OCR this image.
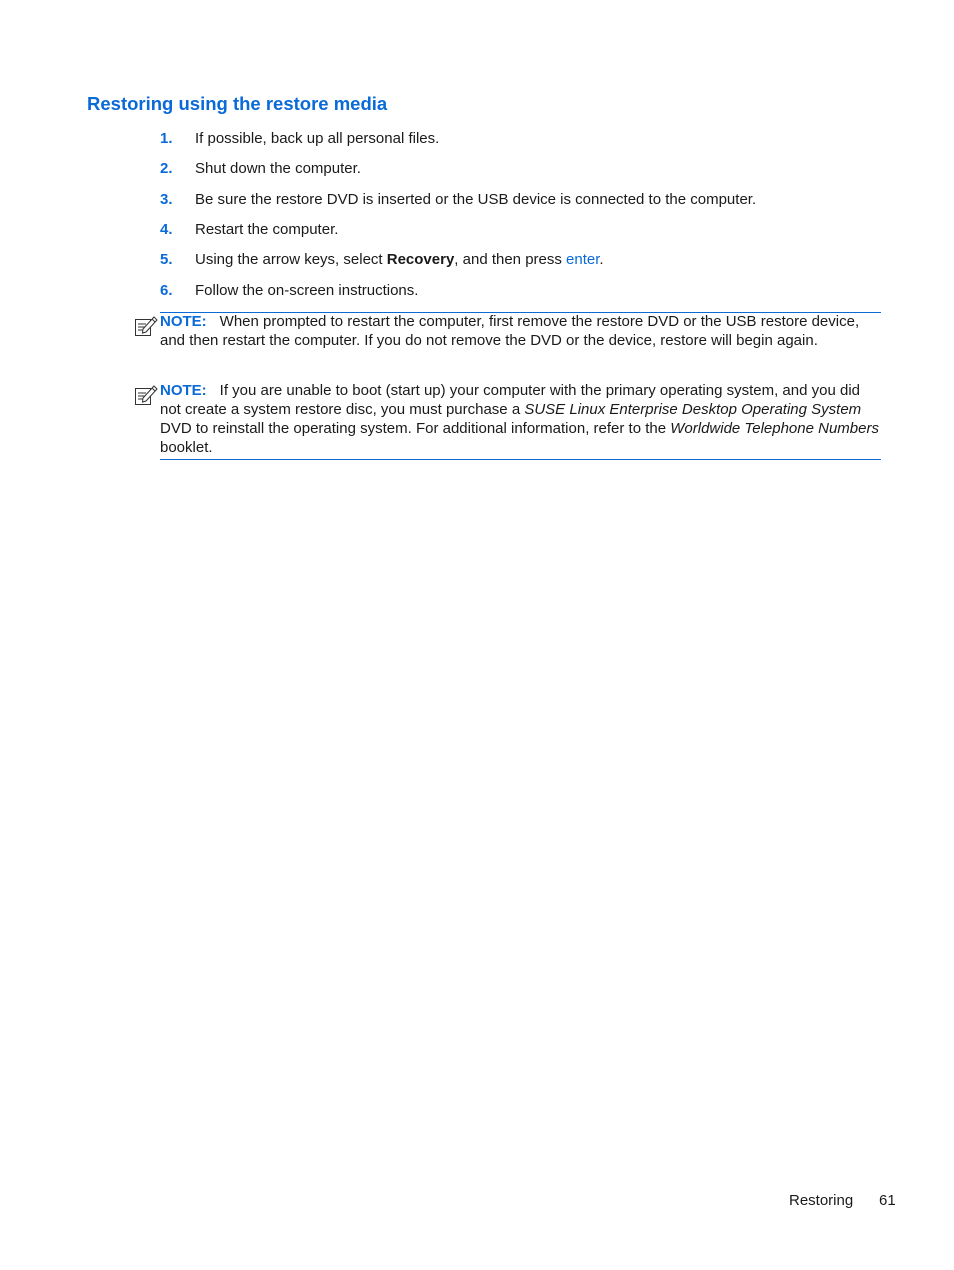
Restoring using the restore media
1. If possible, back up all personal files.
2. Shut down the computer.
3. Be sure the restore DVD is inserted or the USB device is connected to the computer.
4. Restart the computer.
5. Using the arrow keys, select Recovery, and then press enter.
6. Follow the on-screen instructions.
NOTE: When prompted to restart the computer, first remove the restore DVD or the USB restore device, and then restart the computer. If you do not remove the DVD or the device, restore will begin again.
NOTE: If you are unable to boot (start up) your computer with the primary operating system, and you did not create a system restore disc, you must purchase a SUSE Linux Enterprise Desktop Operating System DVD to reinstall the operating system. For additional information, refer to the Worldwide Telephone Numbers booklet.
Restoring 61
